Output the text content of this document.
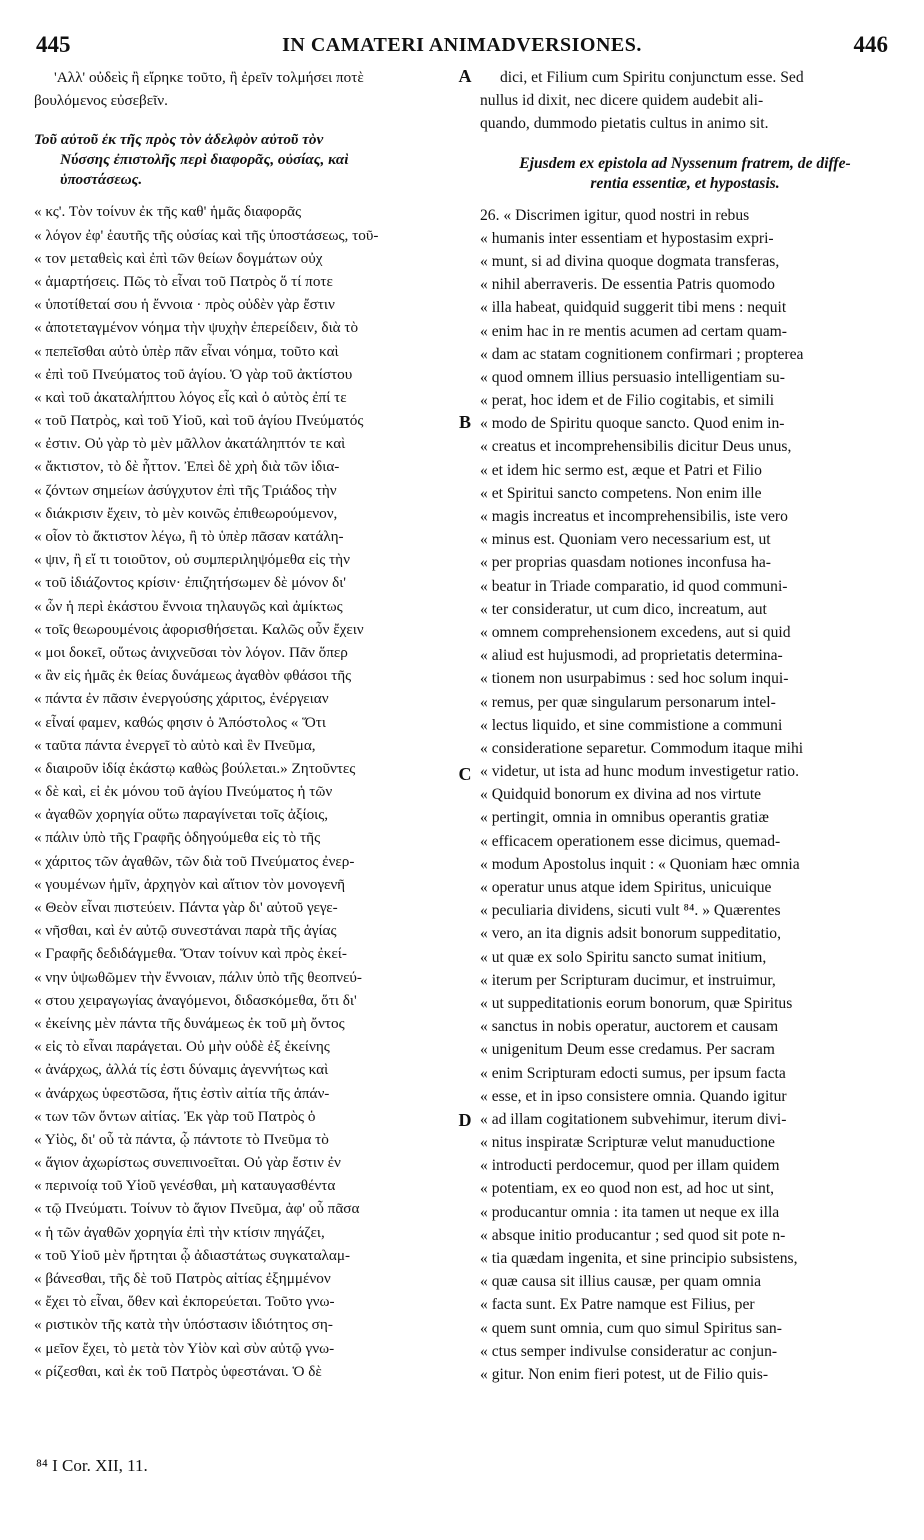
445	IN CAMATERI ANIMADVERSIONES.	446
'Αλλ' οὐδεὶς ἢ εἴρηκε τοῦτο, ἢ ἐρεῖν τολμήσει ποτὲ
βουλόμενος εὐσεβεῖν.
Τοῦ αὐτοῦ ἐκ τῆς πρὸς τὸν ἀδελφὸν αὐτοῦ τὸν
Νύσσης ἐπιστολῆς περὶ διαφορᾶς, οὐσίας, καὶ
ὑποστάσεως.
« κς'. Τὸν τοίνυν ἐκ τῆς καθ' ἡμᾶς διαφορᾶς
« λόγον ἐφ' ἑαυτῆς τῆς οὐσίας καὶ τῆς ὑποστάσεως, τοῦ-
« τον μεταθεὶς καὶ ἐπὶ τῶν θείων δογμάτων οὐχ
« ἁμαρτήσεις. Πῶς τὸ εἶναι τοῦ Πατρὸς ὅ τί ποτε
« ὑποτίθεταί σου ἡ ἔννοια · πρὸς οὐδὲν γὰρ ἔστιν
« ἀποτεταγμένον νόημα τὴν ψυχὴν ἐπερείδειν, διὰ τὸ
« πεπεῖσθαι αὐτὸ ὑπὲρ πᾶν εἶναι νόημα, τοῦτο καὶ
« ἐπὶ τοῦ Πνεύματος τοῦ ἁγίου. Ὁ γὰρ τοῦ ἀκτίστου
« καὶ τοῦ ἀκαταλήπτου λόγος εἷς καὶ ὁ αὐτὸς ἐπί τε
« τοῦ Πατρὸς, καὶ τοῦ Υἱοῦ, καὶ τοῦ ἁγίου Πνεύματός
« ἐστιν. Οὐ γὰρ τὸ μὲν μᾶλλον ἀκατάληπτόν τε καὶ
« ἄκτιστον, τὸ δὲ ἧττον. Ἐπεὶ δὲ χρὴ διὰ τῶν ἰδια-
« ζόντων σημείων ἀσύγχυτον ἐπὶ τῆς Τριάδος τὴν
« διάκρισιν ἔχειν, τὸ μὲν κοινῶς ἐπιθεωρούμενον,
« οἷον τὸ ἄκτιστον λέγω, ἢ τὸ ὑπὲρ πᾶσαν κατάλη-
« ψιν, ἢ εἴ τι τοιοῦτον, οὐ συμπεριληψόμεθα εἰς τὴν
« τοῦ ἰδιάζοντος κρίσιν· ἐπιζητήσωμεν δὲ μόνον δι'
« ὧν ἡ περὶ ἑκάστου ἔννοια τηλαυγῶς καὶ ἀμίκτως
« τοῖς θεωρουμένοις ἀφορισθήσεται. Καλῶς οὖν ἔχειν
« μοι δοκεῖ, οὕτως ἀνιχνεῦσαι τὸν λόγον. Πᾶν ὅπερ
« ἂν εἰς ἡμᾶς ἐκ θείας δυνάμεως ἀγαθὸν φθάσοι τῆς
« πάντα ἐν πᾶσιν ἐνεργούσης χάριτος, ἐνέργειαν
« εἶναί φαμεν, καθώς φησιν ὁ Ἀπόστολος « Ὅτι
« ταῦτα πάντα ἐνεργεῖ τὸ αὐτὸ καὶ ἓν Πνεῦμα,
« διαιροῦν ἰδίᾳ ἑκάστῳ καθὼς βούλεται.» Ζητοῦντες
« δὲ καὶ, εἰ ἐκ μόνου τοῦ ἁγίου Πνεύματος ἡ τῶν
« ἀγαθῶν χορηγία οὕτω παραγίνεται τοῖς ἀξίοις,
« πάλιν ὑπὸ τῆς Γραφῆς ὁδηγούμεθα εἰς τὸ τῆς
« χάριτος τῶν ἀγαθῶν, τῶν διὰ τοῦ Πνεύματος ἐνερ-
« γουμένων ἡμῖν, ἀρχηγὸν καὶ αἴτιον τὸν μονογενῆ
« Θεὸν εἶναι πιστεύειν. Πάντα γὰρ δι' αὐτοῦ γεγε-
« νῆσθαι, καὶ ἐν αὐτῷ συνεστάναι παρὰ τῆς ἁγίας
« Γραφῆς δεδιδάγμεθα. Ὅταν τοίνυν καὶ πρὸς ἐκεί-
« νην ὑψωθῶμεν τὴν ἔννοιαν, πάλιν ὑπὸ τῆς θεοπνεύ-
« στου χειραγωγίας ἀναγόμενοι, διδασκόμεθα, ὅτι δι'
« ἐκείνης μὲν πάντα τῆς δυνάμεως ἐκ τοῦ μὴ ὄντος
« εἰς τὸ εἶναι παράγεται. Οὐ μὴν οὐδὲ ἐξ ἐκείνης
« ἀνάρχως, ἀλλά τίς ἐστι δύναμις ἀγεννήτως καὶ
« ἀνάρχως ὑφεστῶσα, ἥτις ἐστὶν αἰτία τῆς ἁπάν-
« των τῶν ὄντων αἰτίας. Ἐκ γὰρ τοῦ Πατρὸς ὁ
« Υἱὸς, δι' οὗ τὰ πάντα, ᾧ πάντοτε τὸ Πνεῦμα τὸ
« ἅγιον ἀχωρίστως συνεπινοεῖται. Οὐ γὰρ ἔστιν ἐν
« περινοίᾳ τοῦ Υἱοῦ γενέσθαι, μὴ καταυγασθέντα
« τῷ Πνεύματι. Τοίνυν τὸ ἅγιον Πνεῦμα, ἀφ' οὗ πᾶσα
« ἡ τῶν ἀγαθῶν χορηγία ἐπὶ τὴν κτίσιν πηγάζει,
« τοῦ Υἱοῦ μὲν ἤρτηται ᾧ ἀδιαστάτως συγκαταλαμ-
« βάνεσθαι, τῆς δὲ τοῦ Πατρὸς αἰτίας ἐξημμένον
« ἔχει τὸ εἶναι, ὅθεν καὶ ἐκπορεύεται. Τοῦτο γνω-
« ριστικὸν τῆς κατὰ τὴν ὑπόστασιν ἰδιότητος ση-
« μεῖον ἔχει, τὸ μετὰ τὸν Υἱὸν καὶ σὺν αὐτῷ γνω-
« ρίζεσθαι, καὶ ἐκ τοῦ Πατρὸς ὑφεστάναι. Ὁ δὲ
dici, et Filium cum Spiritu conjunctum esse. Sed
nullus id dixit, nec dicere quidem audebit ali-
quando, dummodo pietatis cultus in animo sit.
Ejusdem ex epistola ad Nyssenum fratrem, de diffe-
rentia essentiæ, et hypostasis.
26. « Discrimen igitur, quod nostri in rebus
« humanis inter essentiam et hypostasim expri-
« munt, si ad divina quoque dogmata transferas,
« nihil aberraveris. De essentia Patris quomodo
« illa habeat, quidquid suggerit tibi mens : nequit
« enim hac in re mentis acumen ad certam quam-
« dam ac statam cognitionem confirmari ; propterea
« quod omnem illius persuasio intelligentiam su-
« perat, hoc idem et de Filio cogitabis, et simili
« modo de Spiritu quoque sancto. Quod enim in-
« creatus et incomprehensibilis dicitur Deus unus,
« et idem hic sermo est, æque et Patri et Filio
« et Spiritui sancto competens. Non enim ille
« magis increatus et incomprehensibilis, iste vero
« minus est. Quoniam vero necessarium est, ut
« per proprias quasdam notiones inconfusa ha-
« beatur in Triade comparatio, id quod communi-
« ter consideratur, ut cum dico, increatum, aut
« omnem comprehensionem excedens, aut si quid
« aliud est hujusmodi, ad proprietatis determina-
« tionem non usurpabimus : sed hoc solum inqui-
« remus, per quæ singularum personarum intel-
« lectus liquido, et sine commistione a communi
« consideratione separetur. Commodum itaque mihi
« videtur, ut ista ad hunc modum investigetur ratio.
« Quidquid bonorum ex divina ad nos virtute
« pertingit, omnia in omnibus operantis gratiæ
« efficacem operationem esse dicimus, quemad-
« modum Apostolus inquit : « Quoniam hæc omnia
« operatur unus atque idem Spiritus, unicuique
« peculiaria dividens, sicuti vult ⁸⁴. » Quærentes
« vero, an ita dignis adsit bonorum suppeditatio,
« ut quæ ex solo Spiritu sancto sumat initium,
« iterum per Scripturam ducimur, et instruimur,
« ut suppeditationis eorum bonorum, quæ Spiritus
« sanctus in nobis operatur, auctorem et causam
« unigenitum Deum esse credamus. Per sacram
« enim Scripturam edocti sumus, per ipsum facta
« esse, et in ipso consistere omnia. Quando igitur
« ad illam cogitationem subvehimur, iterum divi-
« nitus inspiratæ Scripturæ velut manuductione
« introducti perdocemur, quod per illam quidem
« potentiam, ex eo quod non est, ad hoc ut sint,
« producantur omnia : ita tamen ut neque ex illa
« absque initio producantur ; sed quod sit pote n-
« tia quædam ingenita, et sine principio subsistens,
« quæ causa sit illius causæ, per quam omnia
« facta sunt. Ex Patre namque est Filius, per
« quem sunt omnia, cum quo simul Spiritus san-
« ctus semper indivulse consideratur ac conjun-
« gitur. Non enim fieri potest, ut de Filio quis-
A
B
C
D
⁸⁴ I Cor. XII, 11.
